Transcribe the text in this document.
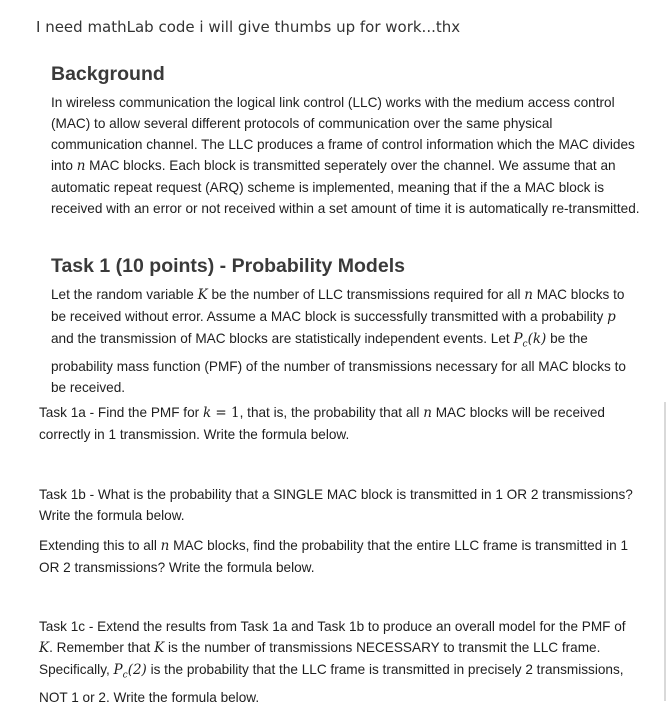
I need mathLab code i will give thumbs up for work...thx
Background

In wireless communication the logical link control (LLC) works with the medium access control (MAC) to allow several different protocols of communication over the same physical communication channel. The LLC produces a frame of control information which the MAC divides into n MAC blocks. Each block is transmitted seperately over the channel. We assume that an automatic repeat request (ARQ) scheme is implemented, meaning that if the a MAC block is received with an error or not received within a set amount of time it is automatically re-transmitted.

Task 1 (10 points) - Probability Models

Let the random variable K be the number of LLC transmissions required for all n MAC blocks to be received without error. Assume a MAC block is successfully transmitted with a probability p and the transmission of MAC blocks are statistically independent events. Let $P_c(k)$ be the probability mass function (PMF) of the number of transmissions necessary for all MAC blocks to be received.

Task 1a - Find the PMF for k = 1, that is, the probability that all n MAC blocks will be received correctly in 1 transmission. Write the formula below.

Task 1b - What is the probability that a SINGLE MAC block is transmitted in 1 OR 2 transmissions? Write the formula below.

Extending this to all n MAC blocks, find the probability that the entire LLC frame is transmitted in 1 OR 2 transmissions? Write the formula below.

Task 1c - Extend the results from Task 1a and Task 1b to produce an overall model for the PMF of K. Remember that K is the number of transmissions NECESSARY to transmit the LLC frame. Specifically, $P_c(2)$ is the probability that the LLC frame is transmitted in precisely 2 transmissions, NOT 1 or 2. Write the formula below.
